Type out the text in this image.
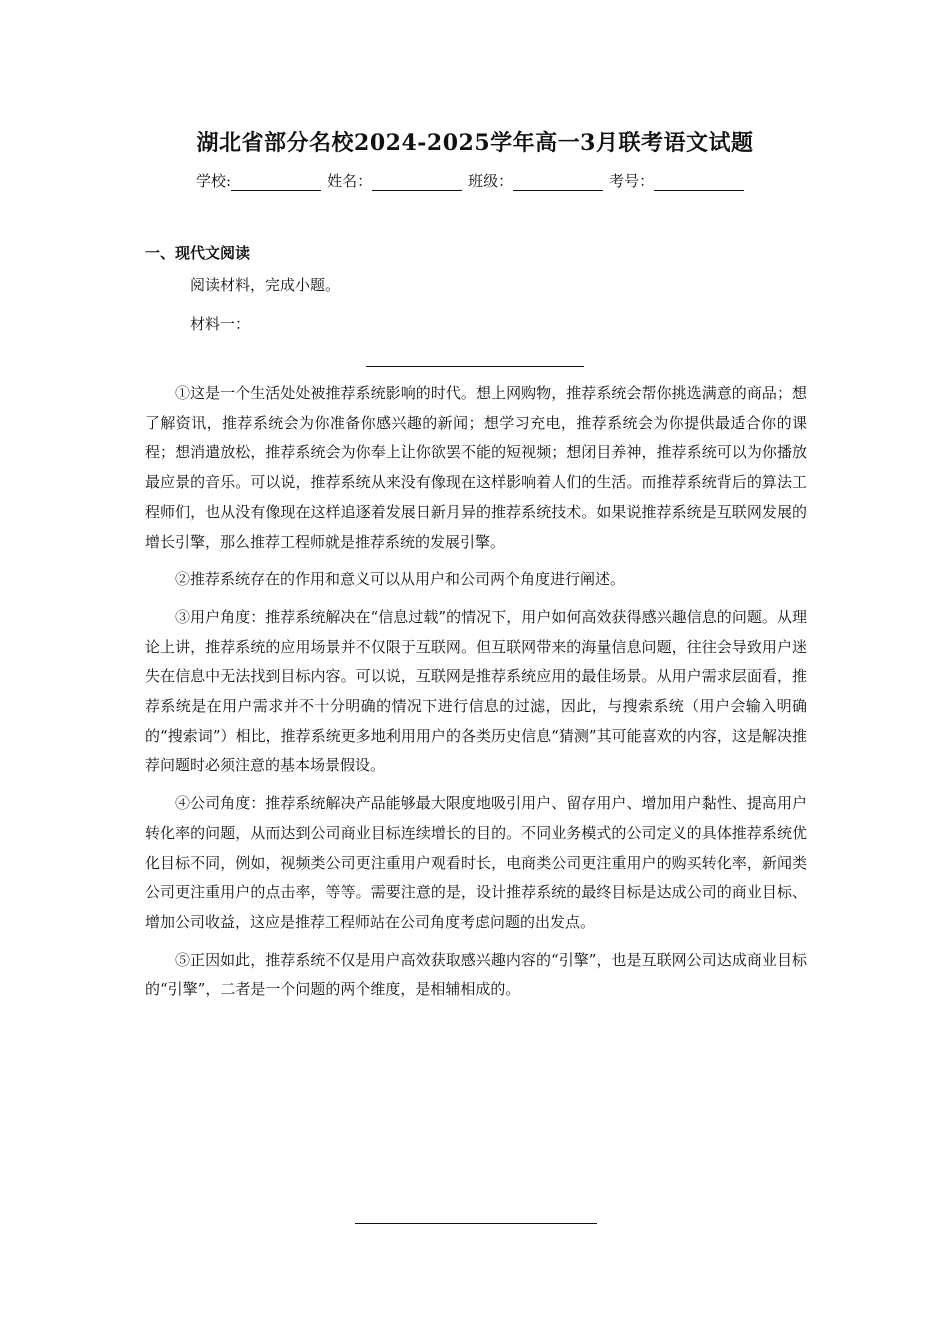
湖北省部分名校2024-2025学年高一3月联考语文试题
学校:	姓名：	班级：	考号：
一、现代文阅读
阅读材料，完成小题。
材料一：

①这是一个生活处处被推荐系统影响的时代。想上网购物，推荐系统会帮你挑选满意的商品；想了解资讯，推荐系统会为你准备你感兴趣的新闻；想学习充电，推荐系统会为你提供最适合你的课程；想消遣放松，推荐系统会为你奉上让你欲罢不能的短视频；想闭目养神，推荐系统可以为你播放最应景的音乐。可以说，推荐系统从来没有像现在这样影响着人们的生活。而推荐系统背后的算法工程师们，也从没有像现在这样追逐着发展日新月异的推荐系统技术。如果说推荐系统是互联网发展的增长引擎，那么推荐工程师就是推荐系统的发展引擎。

②推荐系统存在的作用和意义可以从用户和公司两个角度进行阐述。

③用户角度：推荐系统解决在“信息过载”的情况下，用户如何高效获得感兴趣信息的问题。从理论上讲，推荐系统的应用场景并不仅限于互联网。但互联网带来的海量信息问题，往往会导致用户迷失在信息中无法找到目标内容。可以说，互联网是推荐系统应用的最佳场景。从用户需求层面看，推荐系统是在用户需求并不十分明确的情况下进行信息的过滤，因此，与搜索系统（用户会输入明确的“搜索词”）相比，推荐系统更多地利用用户的各类历史信息“猜测”其可能喜欢的内容，这是解决推荐问题时必须注意的基本场景假设。

④公司角度：推荐系统解决产品能够最大限度地吸引用户、留存用户、增加用户黏性、提高用户转化率的问题，从而达到公司商业目标连续增长的目的。不同业务模式的公司定义的具体推荐系统优化目标不同，例如，视频类公司更注重用户观看时长，电商类公司更注重用户的购买转化率，新闻类公司更注重用户的点击率，等等。需要注意的是，设计推荐系统的最终目标是达成公司的商业目标、增加公司收益，这应是推荐工程师站在公司角度考虑问题的出发点。

⑤正因如此，推荐系统不仅是用户高效获取感兴趣内容的“引擎”，也是互联网公司达成商业目标的“引擎”，二者是一个问题的两个维度，是相辅相成的。
